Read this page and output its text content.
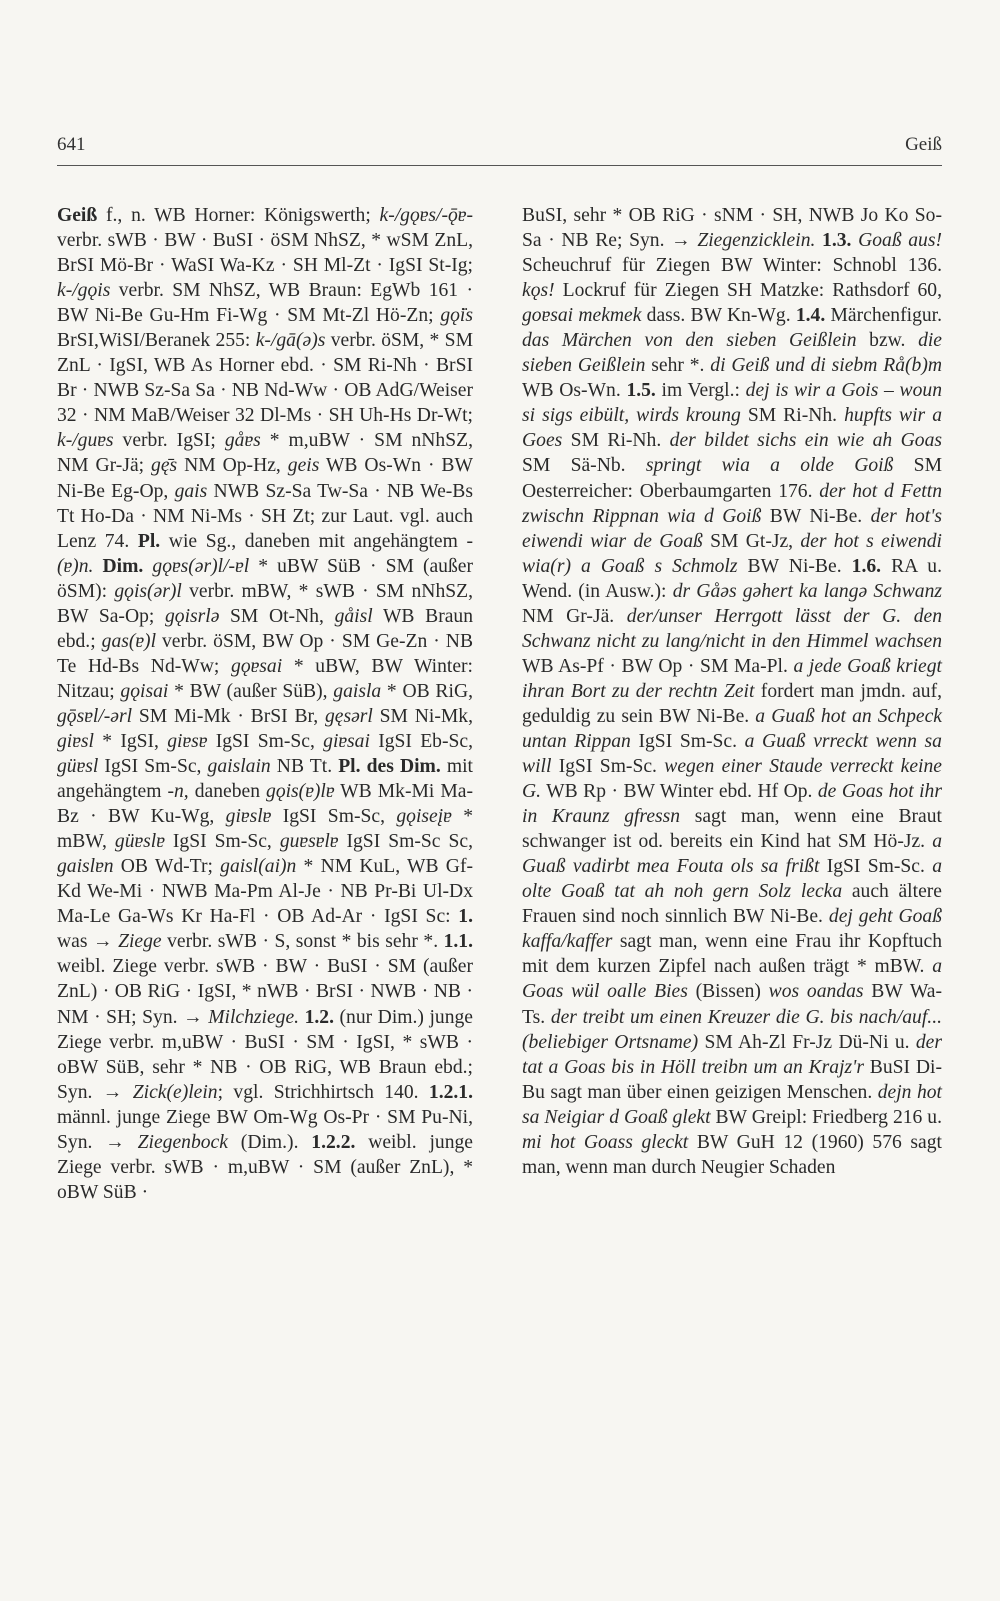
641	Geiß

Geiß f., n. WB Horner: Königswerth; k-/gǫɐs/-ǭɐ- verbr. sWB · BW · BuSI · öSM NhSZ, * wSM ZnL, BrSI Mö-Br · WaSI Wa-Kz · SH Ml-Zt · IgSI St-Ig; k-/gǫis verbr. SM NhSZ, WB Braun: EgWb 161 · BW Ni-Be Gu-Hm Fi-Wg · SM Mt-Zl Hö-Zn; gǫ̈is BrSI,WiSI/Beranek 255: k-/gā(ə)s verbr. öSM, * SM ZnL · IgSI, WB As Horner ebd. · SM Ri-Nh · BrSI Br · NWB Sz-Sa Sa · NB Nd-Ww · OB AdG/Weiser 32 · NM MaB/Weiser 32 Dl-Ms · SH Uh-Hs Dr-Wt; k-/guɐs verbr. IgSI; gåɐs * m,uBW · SM nNhSZ, NM Gr-Jä; gę̄s NM Op-Hz, geis WB Os-Wn · BW Ni-Be Eg-Op, gais NWB Sz-Sa Tw-Sa · NB We-Bs Tt Ho-Da · NM Ni-Ms · SH Zt; zur Laut. vgl. auch Lenz 74. Pl. wie Sg., daneben mit angehängtem -(ɐ)n. Dim. gǫɐs(ər)l/-ɐl * uBW SüB · SM (außer öSM): gǫis(ər)l verbr. mBW, * sWB · SM nNhSZ, BW Sa-Op; gǫisrlə SM Ot-Nh, gåisl WB Braun ebd.; gas(ɐ)l verbr. öSM, BW Op · SM Ge-Zn · NB Te Hd-Bs Nd-Ww; gǫɐsai * uBW, BW Winter: Nitzau; gǫisai * BW (außer SüB), gaisla * OB RiG, gǭsɐl/-ərl SM Mi-Mk · BrSI Br, gęsərl SM Ni-Mk, giɐsl * IgSI, giɐsɐ IgSI Sm-Sc, giɐsai IgSI Eb-Sc, güɐsl IgSI Sm-Sc, gaislain NB Tt. Pl. des Dim. mit angehängtem -n, daneben gǫis(ɐ)lɐ WB Mk-Mi Ma-Bz · BW Ku-Wg, giɐslɐ IgSI Sm-Sc, gǫiseįɐ * mBW, güɐslɐ IgSI Sm-Sc, guɐsɐlɐ IgSI Sm-Sc Sc, gaislɐn OB Wd-Tr; gaisl(ai)n * NM KuL, WB Gf-Kd We-Mi · NWB Ma-Pm Al-Je · NB Pr-Bi Ul-Dx Ma-Le Ga-Ws Kr Ha-Fl · OB Ad-Ar · IgSI Sc: 1. was → Ziege verbr. sWB · S, sonst * bis sehr *. 1.1. weibl. Ziege verbr. sWB · BW · BuSI · SM (außer ZnL) · OB RiG · IgSI, * nWB · BrSI · NWB · NB · NM · SH; Syn. → Milchziege. 1.2. (nur Dim.) junge Ziege verbr. m,uBW · BuSI · SM · IgSI, * sWB · oBW SüB, sehr * NB · OB RiG, WB Braun ebd.; Syn. → Zick(e)lein; vgl. Strichhirtsch 140. 1.2.1. männl. junge Ziege BW Om-Wg Os-Pr · SM Pu-Ni, Syn. → Ziegenbock (Dim.). 1.2.2. weibl. junge Ziege verbr. sWB · m,uBW · SM (außer ZnL), * oBW SüB ·

BuSI, sehr * OB RiG · sNM · SH, NWB Jo Ko So-Sa · NB Re; Syn. → Ziegenzicklein. 1.3. Goaß aus! Scheuchruf für Ziegen BW Winter: Schnobl 136. kǫs! Lockruf für Ziegen SH Matzke: Rathsdorf 60, goɐsai mekmek dass. BW Kn-Wg. 1.4. Märchenfigur. das Märchen von den sieben Geißlein bzw. die sieben Geißlein sehr *. di Geiß und di siebm Rå(b)m WB Os-Wn. 1.5. im Vergl.: dej is wir a Gois – woun si sigs eibült, wirds kroung SM Ri-Nh. hupfts wir a Goes SM Ri-Nh. der bildet sichs ein wie ah Goas SM Sä-Nb. springt wia a olde Goiß SM Oesterreicher: Oberbaumgarten 176. der hot d Fettn zwischn Rippnan wia d Goiß BW Ni-Be. der hot's eiwendi wiar de Goaß SM Gt-Jz, der hot s eiwendi wia(r) a Goaß s Schmolz BW Ni-Be. 1.6. RA u. Wend. (in Ausw.): dr Gåəs gəhert ka langə Schwanz NM Gr-Jä. der/unser Herrgott lässt der G. den Schwanz nicht zu lang/nicht in den Himmel wachsen WB As-Pf · BW Op · SM Ma-Pl. a jede Goaß kriegt ihran Bort zu der rechtn Zeit fordert man jmdn. auf, geduldig zu sein BW Ni-Be. a Guaß hot an Schpeck untan Rippan IgSI Sm-Sc. a Guaß vrreckt wenn sa will IgSI Sm-Sc. wegen einer Staude verreckt keine G. WB Rp · BW Winter ebd. Hf Op. de Goas hot ihr in Kraunz gfressn sagt man, wenn eine Braut schwanger ist od. bereits ein Kind hat SM Hö-Jz. a Guaß vadirbt mea Fouta ols sa frißt IgSI Sm-Sc. a olte Goaß tat ah noh gern Solz lecka auch ältere Frauen sind noch sinnlich BW Ni-Be. dej geht Goaß kaffa/kaffer sagt man, wenn eine Frau ihr Kopftuch mit dem kurzen Zipfel nach außen trägt * mBW. a Goas wül oalle Bies (Bissen) wos oandas BW Wa-Ts. der treibt um einen Kreuzer die G. bis nach/auf...(beliebiger Ortsname) SM Ah-Zl Fr-Jz Dü-Ni u. der tat a Goas bis in Höll treibn um an Krajz'r BuSI Di-Bu sagt man über einen geizigen Menschen. dejn hot sa Neigiar d Goaß glekt BW Greipl: Friedberg 216 u. mi hot Goass gleckt BW GuH 12 (1960) 576 sagt man, wenn man durch Neugier Schaden
